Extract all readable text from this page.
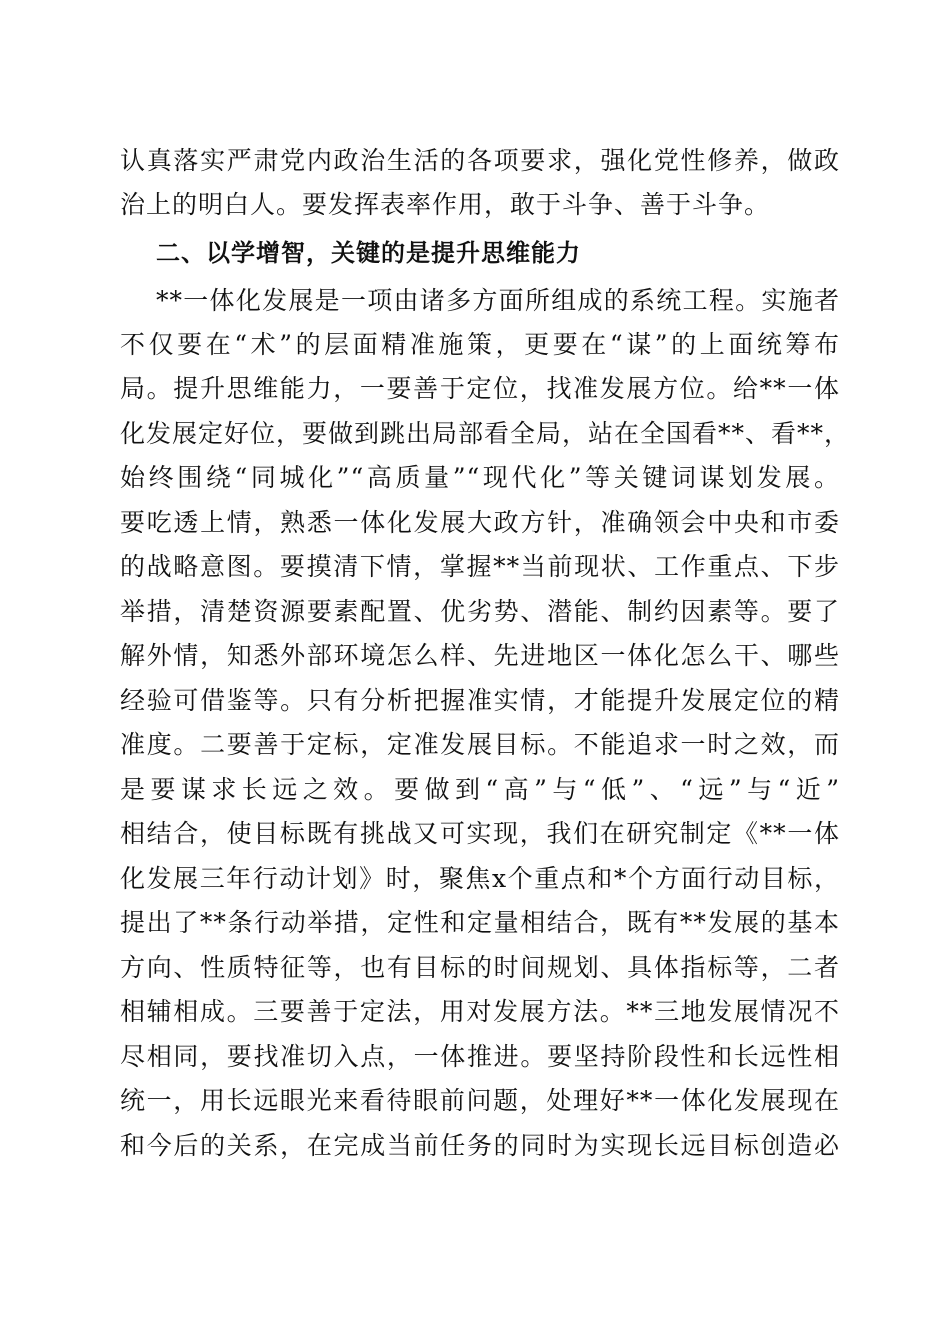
认真落实严肃党内政治生活的各项要求，强化党性修养，做政
治上的明白人。要发挥表率作用，敢于斗争、善于斗争。
二、以学增智，关键的是提升思维能力
**一体化发展是一项由诸多方面所组成的系统工程。实施者
不仅要在“术”的层面精准施策，更要在“谋”的上面统筹布
局。提升思维能力，一要善于定位，找准发展方位。给**一体
化发展定好位，要做到跳出局部看全局，站在全国看**、看**，
始终围绕“同城化”“高质量”“现代化”等关键词谋划发展。
要吃透上情，熟悉一体化发展大政方针，准确领会中央和市委
的战略意图。要摸清下情，掌握**当前现状、工作重点、下步
举措，清楚资源要素配置、优劣势、潜能、制约因素等。要了
解外情，知悉外部环境怎么样、先进地区一体化怎么干、哪些
经验可借鉴等。只有分析把握准实情，才能提升发展定位的精
准度。二要善于定标，定准发展目标。不能追求一时之效，而
是要谋求长远之效。要做到“高”与“低”、“远”与“近”
相结合，使目标既有挑战又可实现，我们在研究制定《**一体
化发展三年行动计划》时，聚焦x个重点和*个方面行动目标，
提出了**条行动举措，定性和定量相结合，既有**发展的基本
方向、性质特征等，也有目标的时间规划、具体指标等，二者
相辅相成。三要善于定法，用对发展方法。**三地发展情况不
尽相同，要找准切入点，一体推进。要坚持阶段性和长远性相
统一，用长远眼光来看待眼前问题，处理好**一体化发展现在
和今后的关系，在完成当前任务的同时为实现长远目标创造必
